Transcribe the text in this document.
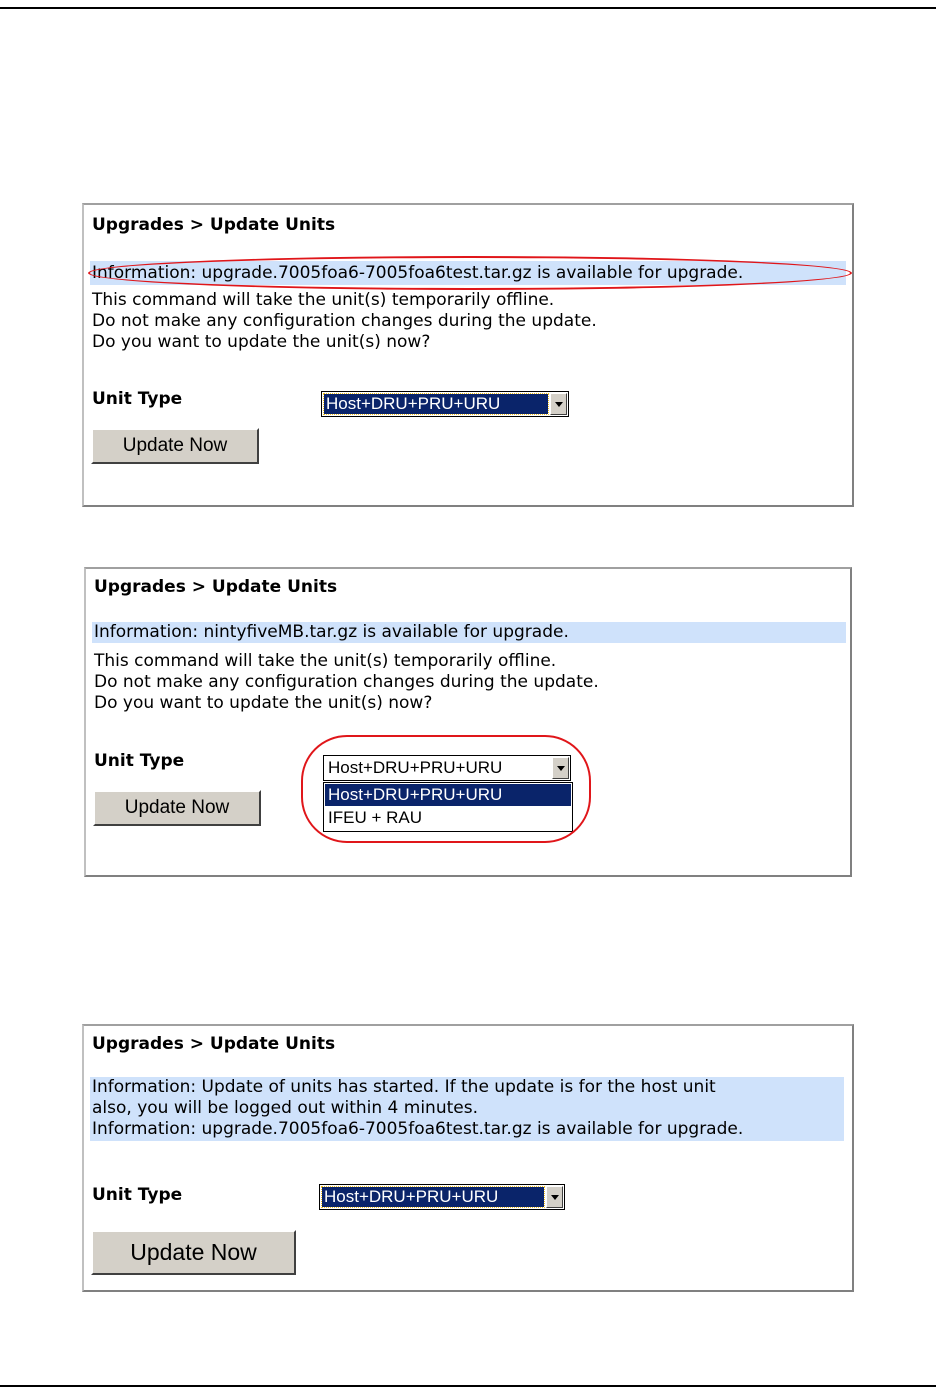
Upgrades > Update Units
Information: upgrade.7005foa6-7005foa6test.tar.gz is available for upgrade.
This command will take the unit(s) temporarily offline.
Do not make any configuration changes during the update.
Do you want to update the unit(s) now?
Unit Type	Host+DRU+PRU+URU
Update Now
Upgrades > Update Units
Information: nintyfiveMB.tar.gz is available for upgrade.
This command will take the unit(s) temporarily offline.
Do not make any configuration changes during the update.
Do you want to update the unit(s) now?
Unit Type	Host+DRU+PRU+URU
Host+DRU+PRU+URU
IFEU + RAU
Update Now
Upgrades > Update Units
Information: Update of units has started. If the update is for the host unit
also, you will be logged out within 4 minutes.
Information: upgrade.7005foa6-7005foa6test.tar.gz is available for upgrade.
Unit Type	Host+DRU+PRU+URU
Update Now
